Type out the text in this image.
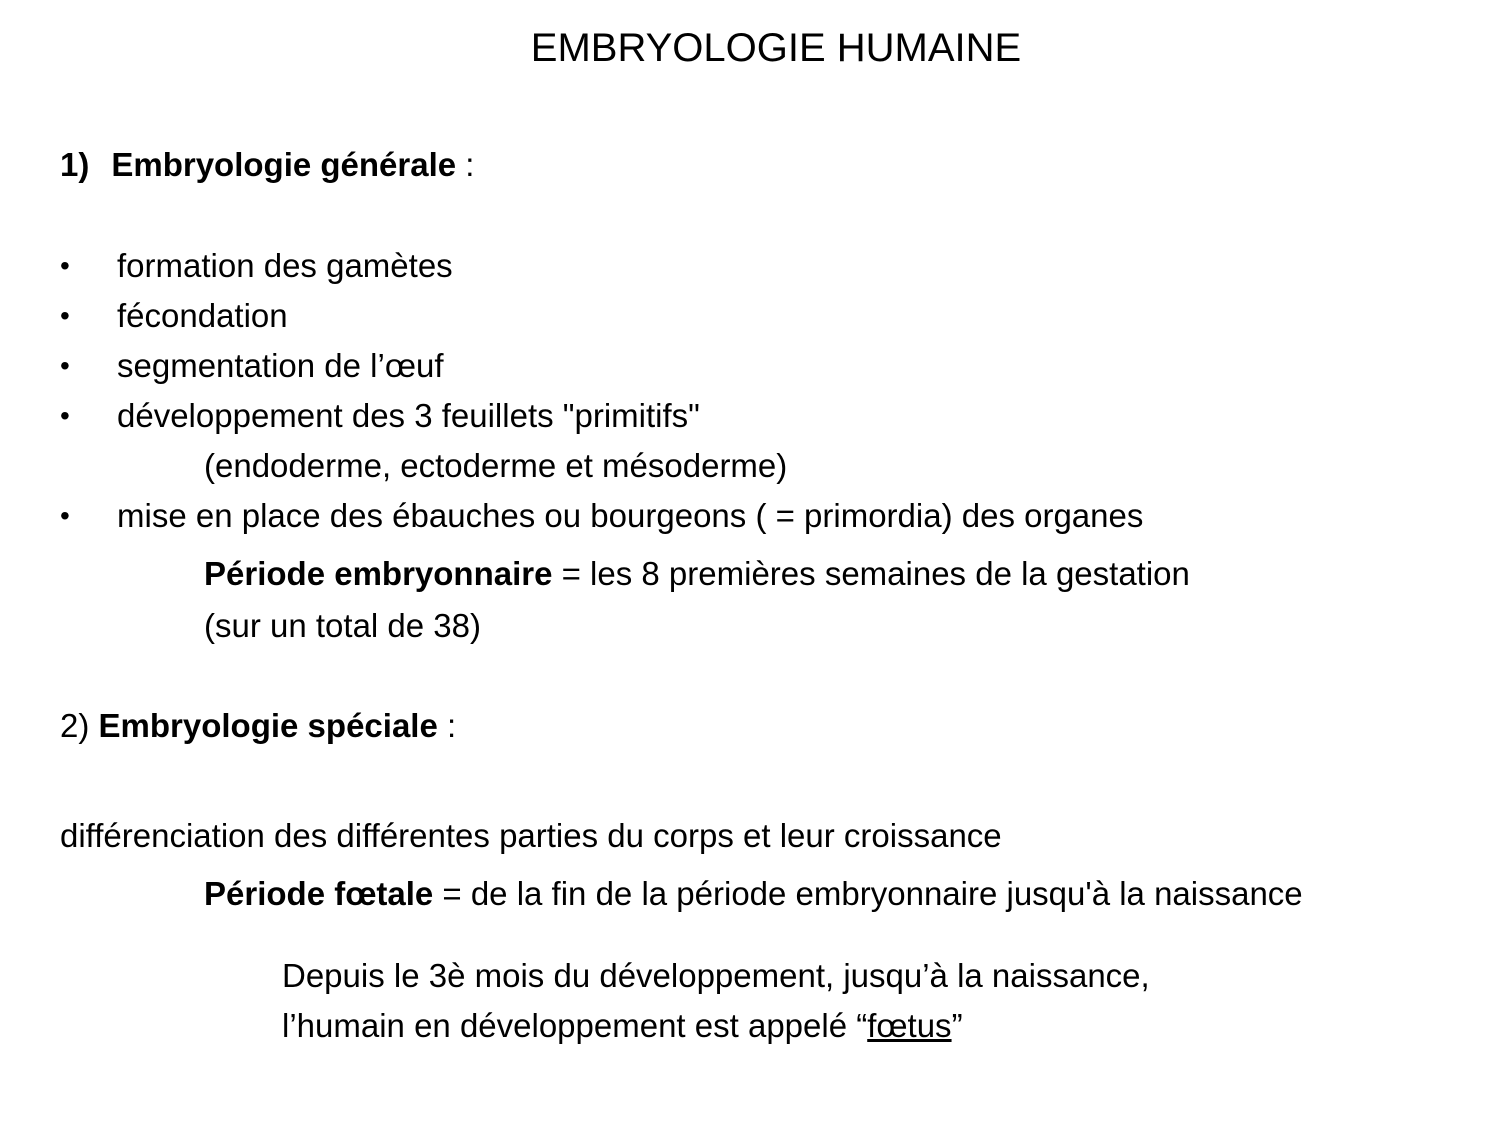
EMBRYOLOGIE HUMAINE
1) Embryologie générale :
• formation des gamètes
• fécondation
• segmentation de l’œuf
• développement des 3 feuillets "primitifs"
(endoderme, ectoderme et mésoderme)
• mise en place des ébauches ou bourgeons ( = primordia) des organes
Période embryonnaire = les 8 premières semaines de la gestation
(sur un total de 38)
2) Embryologie spéciale :
différenciation des différentes parties du corps et leur croissance
Période fœtale = de la fin de la période embryonnaire jusqu'à la naissance
Depuis le 3è mois du développement, jusqu’à la naissance,
l’humain en développement est appelé “fœtus”
